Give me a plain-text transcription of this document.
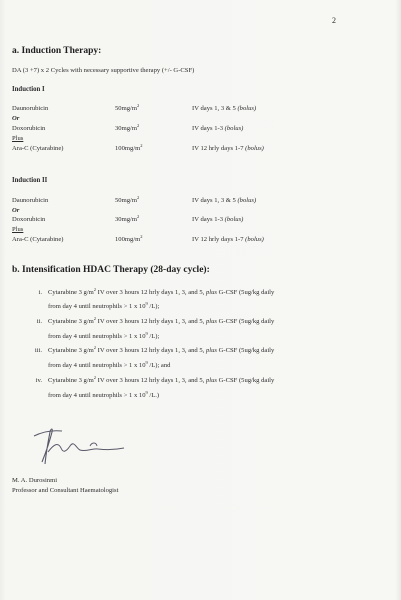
2
a. Induction Therapy:
DA (3 +7) x 2 Cycles with necessary supportive therapy (+/- G-CSF)
Induction I
Daunorubicin	$50mg/m^2$	IV days 1, 3 & 5 (bolus)
Or
Doxorubicin	$30mg/m^2$	IV days 1-3 (bolus)
Plus
Ara-C (Cytarabine)	$100mg/m^2$	IV 12 hrly days 1-7 (bolus)
Induction II
Daunorubicin	$50mg/m^2$	IV days 1, 3 & 5 (bolus)
Or
Doxorubicin	$30mg/m^2$	IV days 1-3 (bolus)
Plus
Ara-C (Cytarabine)	$100mg/m^2$	IV 12 hrly days 1-7 (bolus)
b. Intensification HDAC Therapy (28-day cycle):
i. Cytarabine 3 $g/m^2$ IV over 3 hours 12 hrly days 1, 3, and 5, plus G-CSF (5ug/kg daily
from day 4 until neutrophils > 1 x $10^9$ /L);
ii. Cytarabine 3 $g/m^2$ IV over 3 hours 12 hrly days 1, 3, and 5, plus G-CSF (5ug/kg daily
from day 4 until neutrophils > 1 x $10^9$ /L);
iii. Cytarabine 3 $g/m^2$ IV over 3 hours 12 hrly days 1, 3, and 5, plus G-CSF (5ug/kg daily
from day 4 until neutrophils > 1 x $10^9$ /L); and
iv. Cytarabine 3 $g/m^2$ IV over 3 hours 12 hrly days 1, 3, and 5, plus G-CSF (5ug/kg daily
from day 4 until neutrophils > 1 x $10^9$ /L.)
M. A. Durosinmi
Professor and Consultant Haematologist
